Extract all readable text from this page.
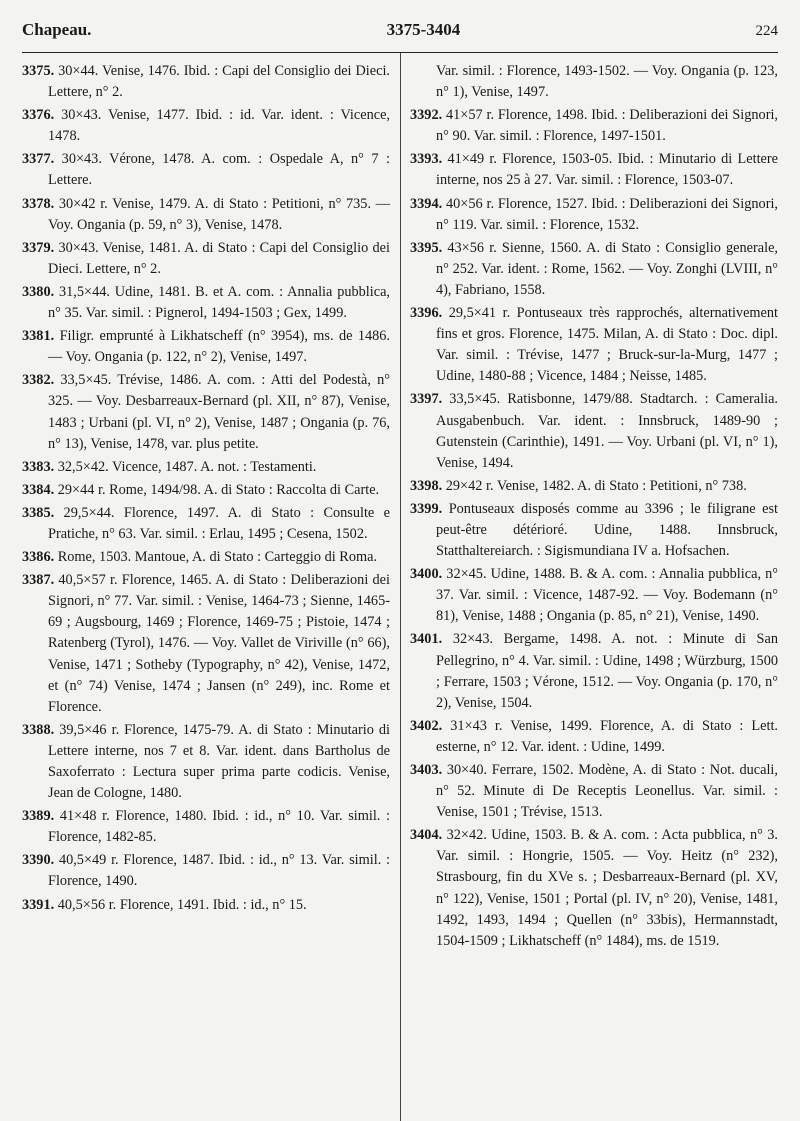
Chapeau.	3375-3404	224

3375. 30×44. Venise, 1476. Ibid. : Capi del Consiglio dei Dieci. Lettere, n° 2.

3376. 30×43. Venise, 1477. Ibid. : id. Var. ident. : Vicence, 1478.

3377. 30×43. Vérone, 1478. A. com. : Ospedale A, n° 7 : Lettere.

3378. 30×42 r. Venise, 1479. A. di Stato : Petitioni, n° 735. — Voy. Ongania (p. 59, n° 3), Venise, 1478.

3379. 30×43. Venise, 1481. A. di Stato : Capi del Consiglio dei Dieci. Lettere, n° 2.

3380. 31,5×44. Udine, 1481. B. et A. com. : Annalia pubblica, n° 35. Var. simil. : Pignerol, 1494-1503 ; Gex, 1499.

3381. Filigr. emprunté à Likhatscheff (n° 3954), ms. de 1486. — Voy. Ongania (p. 122, n° 2), Venise, 1497.

3382. 33,5×45. Trévise, 1486. A. com. : Atti del Podestà, n° 325. — Voy. Desbarreaux-Bernard (pl. XII, n° 87), Venise, 1483 ; Urbani (pl. VI, n° 2), Venise, 1487 ; Ongania (p. 76, n° 13), Venise, 1478, var. plus petite.

3383. 32,5×42. Vicence, 1487. A. not. : Testamenti.

3384. 29×44 r. Rome, 1494/98. A. di Stato : Raccolta di Carte.

3385. 29,5×44. Florence, 1497. A. di Stato : Consulte e Pratiche, n° 63. Var. simil. : Erlau, 1495 ; Cesena, 1502.

3386. Rome, 1503. Mantoue, A. di Stato : Carteggio di Roma.

3387. 40,5×57 r. Florence, 1465. A. di Stato : Deliberazioni dei Signori, n° 77. Var. simil. : Venise, 1464-73 ; Sienne, 1465-69 ; Augsbourg, 1469 ; Florence, 1469-75 ; Pistoie, 1474 ; Ratenberg (Tyrol), 1476. — Voy. Vallet de Viriville (n° 66), Venise, 1471 ; Sotheby (Typography, n° 42), Venise, 1472, et (n° 74) Venise, 1474 ; Jansen (n° 249), inc. Rome et Florence.

3388. 39,5×46 r. Florence, 1475-79. A. di Stato : Minutario di Lettere interne, nos 7 et 8. Var. ident. dans Bartholus de Saxoferrato : Lectura super prima parte codicis. Venise, Jean de Cologne, 1480.

3389. 41×48 r. Florence, 1480. Ibid. : id., n° 10. Var. simil. : Florence, 1482-85.

3390. 40,5×49 r. Florence, 1487. Ibid. : id., n° 13. Var. simil. : Florence, 1490.

3391. 40,5×56 r. Florence, 1491. Ibid. : id., n° 15.

Var. simil. : Florence, 1493-1502. — Voy. Ongania (p. 123, n° 1), Venise, 1497.

3392. 41×57 r. Florence, 1498. Ibid. : Deliberazioni dei Signori, n° 90. Var. simil. : Florence, 1497-1501.

3393. 41×49 r. Florence, 1503-05. Ibid. : Minutario di Lettere interne, nos 25 à 27. Var. simil. : Florence, 1503-07.

3394. 40×56 r. Florence, 1527. Ibid. : Deliberazioni dei Signori, n° 119. Var. simil. : Florence, 1532.

3395. 43×56 r. Sienne, 1560. A. di Stato : Consiglio generale, n° 252. Var. ident. : Rome, 1562. — Voy. Zonghi (LVIII, n° 4), Fabriano, 1558.

3396. 29,5×41 r. Pontuseaux très rapprochés, alternativement fins et gros. Florence, 1475. Milan, A. di Stato : Doc. dipl. Var. simil. : Trévise, 1477 ; Bruck-sur-la-Murg, 1477 ; Udine, 1480-88 ; Vicence, 1484 ; Neisse, 1485.

3397. 33,5×45. Ratisbonne, 1479/88. Stadtarch. : Cameralia. Ausgabenbuch. Var. ident. : Innsbruck, 1489-90 ; Gutenstein (Carinthie), 1491. — Voy. Urbani (pl. VI, n° 1), Venise, 1494.

3398. 29×42 r. Venise, 1482. A. di Stato : Petitioni, n° 738.

3399. Pontuseaux disposés comme au 3396 ; le filigrane est peut-être détérioré. Udine, 1488. Innsbruck, Statthaltereiarch. : Sigismundiana IV a. Hofsachen.

3400. 32×45. Udine, 1488. B. & A. com. : Annalia pubblica, n° 37. Var. simil. : Vicence, 1487-92. — Voy. Bodemann (n° 81), Venise, 1488 ; Ongania (p. 85, n° 21), Venise, 1490.

3401. 32×43. Bergame, 1498. A. not. : Minute di San Pellegrino, n° 4. Var. simil. : Udine, 1498 ; Würzburg, 1500 ; Ferrare, 1503 ; Vérone, 1512. — Voy. Ongania (p. 170, n° 2), Venise, 1504.

3402. 31×43 r. Venise, 1499. Florence, A. di Stato : Lett. esterne, n° 12. Var. ident. : Udine, 1499.

3403. 30×40. Ferrare, 1502. Modène, A. di Stato : Not. ducali, n° 52. Minute di De Receptis Leonellus. Var. simil. : Venise, 1501 ; Trévise, 1513.

3404. 32×42. Udine, 1503. B. & A. com. : Acta pubblica, n° 3. Var. simil. : Hongrie, 1505. — Voy. Heitz (n° 232), Strasbourg, fin du XVe s. ; Desbarreaux-Bernard (pl. XV, n° 122), Venise, 1501 ; Portal (pl. IV, n° 20), Venise, 1481, 1492, 1493, 1494 ; Quellen (n° 33bis), Hermannstadt, 1504-1509 ; Likhatscheff (n° 1484), ms. de 1519.
